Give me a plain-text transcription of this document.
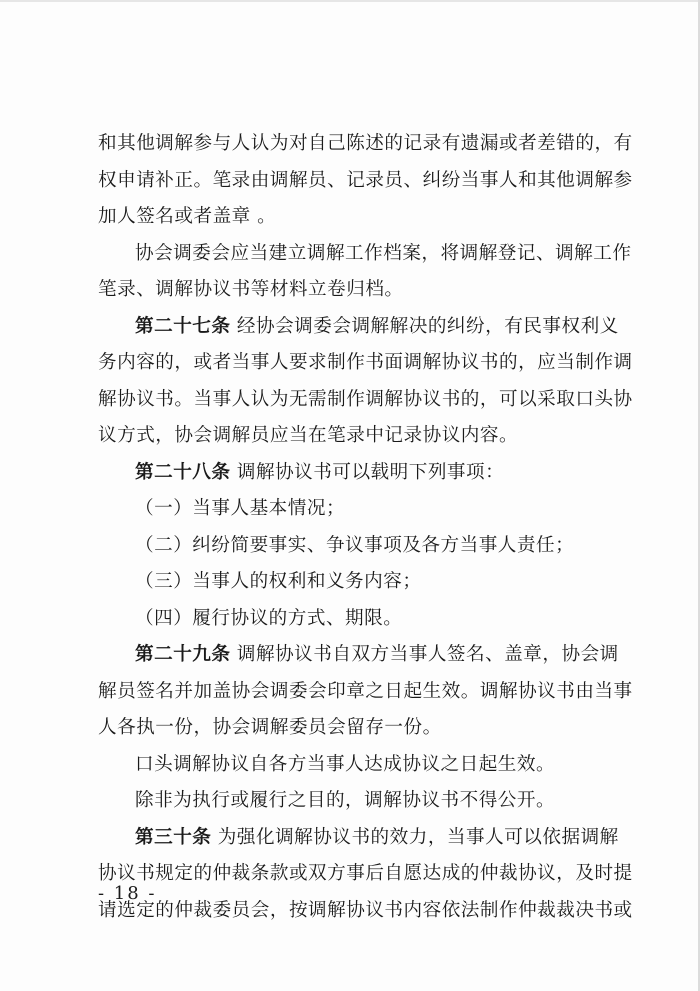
和其他调解参与人认为对自己陈述的记录有遗漏或者差错的，有
权申请补正。笔录由调解员、记录员、纠纷当事人和其他调解参
加人签名或者盖章 。
协会调委会应当建立调解工作档案，将调解登记、调解工作
笔录、调解协议书等材料立卷归档。
第二十七条 经协会调委会调解解决的纠纷，有民事权利义
务内容的，或者当事人要求制作书面调解协议书的，应当制作调
解协议书。当事人认为无需制作调解协议书的，可以采取口头协
议方式，协会调解员应当在笔录中记录协议内容。
第二十八条 调解协议书可以载明下列事项：
（一）当事人基本情况；
（二）纠纷简要事实、争议事项及各方当事人责任；
（三）当事人的权利和义务内容；
（四）履行协议的方式、期限。
第二十九条 调解协议书自双方当事人签名、盖章，协会调
解员签名并加盖协会调委会印章之日起生效。调解协议书由当事
人各执一份，协会调解委员会留存一份。
口头调解协议自各方当事人达成协议之日起生效。
除非为执行或履行之目的，调解协议书不得公开。
第三十条 为强化调解协议书的效力，当事人可以依据调解
协议书规定的仲裁条款或双方事后自愿达成的仲裁协议，及时提
请选定的仲裁委员会，按调解协议书内容依法制作仲裁裁决书或
- 18 -
